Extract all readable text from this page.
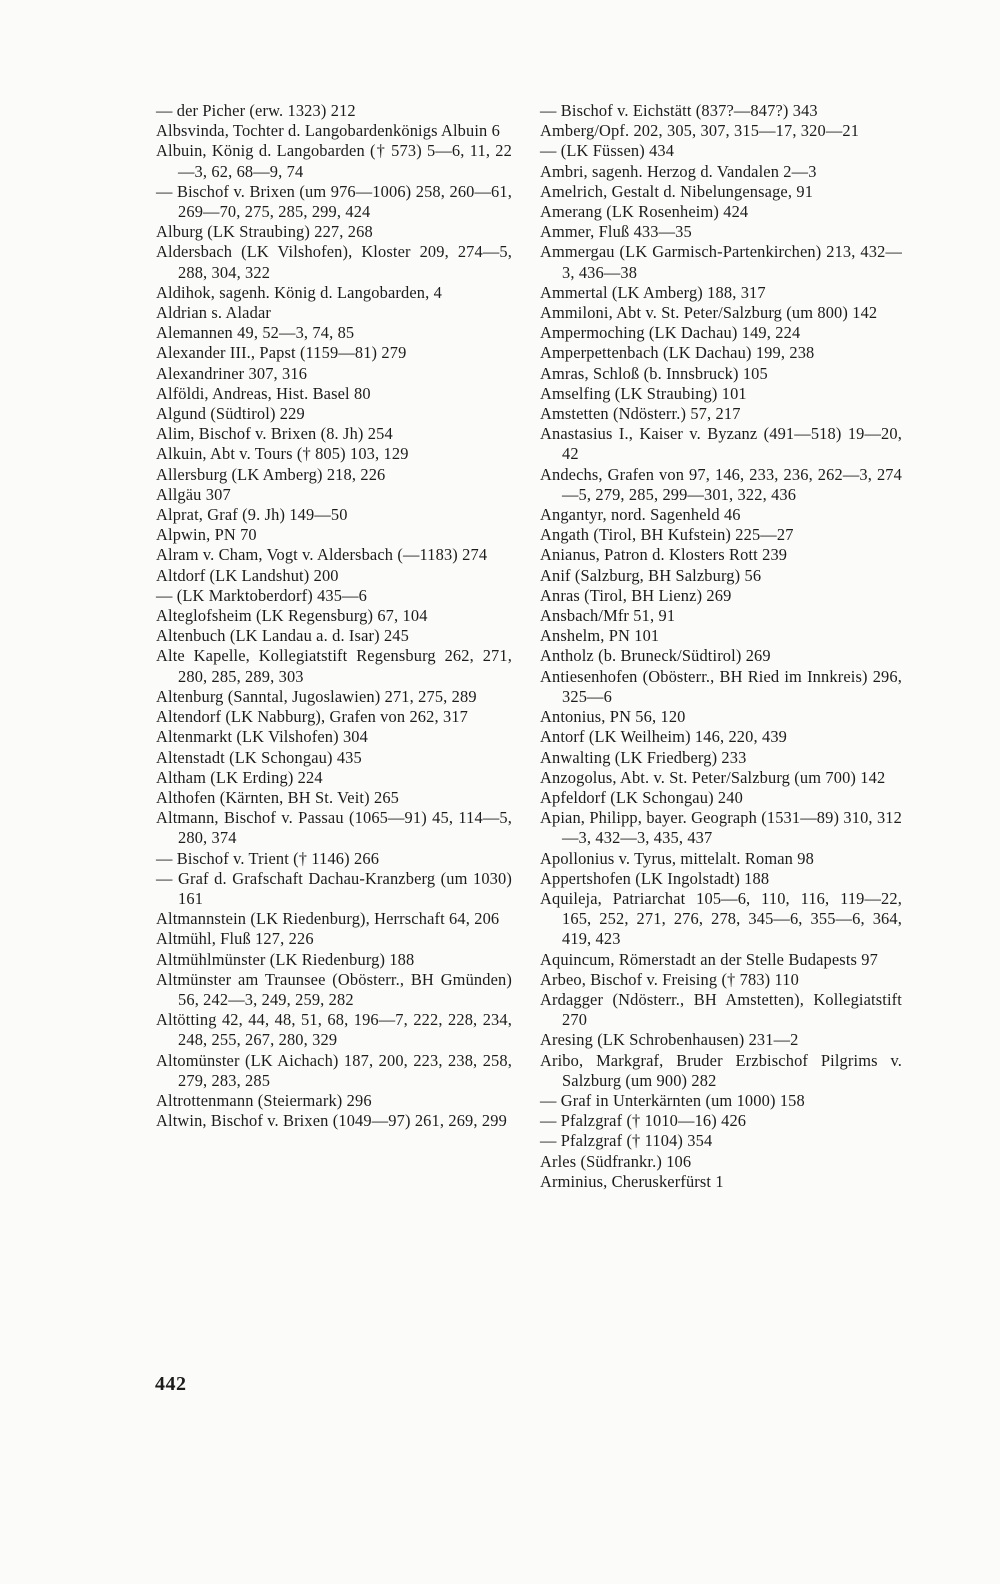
— der Picher (erw. 1323) 212

Albsvinda, Tochter d. Langobardenkönigs Albuin 6

Albuin, König d. Langobarden († 573) 5—6, 11, 22—3, 62, 68—9, 74

— Bischof v. Brixen (um 976—1006) 258, 260—61, 269—70, 275, 285, 299, 424

Alburg (LK Straubing) 227, 268

Aldersbach (LK Vilshofen), Kloster 209, 274—5, 288, 304, 322

Aldihok, sagenh. König d. Langobarden, 4

Aldrian s. Aladar

Alemannen 49, 52—3, 74, 85

Alexander III., Papst (1159—81) 279

Alexandriner 307, 316

Alföldi, Andreas, Hist. Basel 80

Algund (Südtirol) 229

Alim, Bischof v. Brixen (8. Jh) 254

Alkuin, Abt v. Tours († 805) 103, 129

Allersburg (LK Amberg) 218, 226

Allgäu 307

Alprat, Graf (9. Jh) 149—50

Alpwin, PN 70

Alram v. Cham, Vogt v. Aldersbach (—1183) 274

Altdorf (LK Landshut) 200

— (LK Marktoberdorf) 435—6

Alteglofsheim (LK Regensburg) 67, 104

Altenbuch (LK Landau a. d. Isar) 245

Alte Kapelle, Kollegiatstift Regensburg 262, 271, 280, 285, 289, 303

Altenburg (Sanntal, Jugoslawien) 271, 275, 289

Altendorf (LK Nabburg), Grafen von 262, 317

Altenmarkt (LK Vilshofen) 304

Altenstadt (LK Schongau) 435

Altham (LK Erding) 224

Althofen (Kärnten, BH St. Veit) 265

Altmann, Bischof v. Passau (1065—91) 45, 114—5, 280, 374

— Bischof v. Trient († 1146) 266

— Graf d. Grafschaft Dachau-Kranzberg (um 1030) 161

Altmannstein (LK Riedenburg), Herrschaft 64, 206

Altmühl, Fluß 127, 226

Altmühlmünster (LK Riedenburg) 188

Altmünster am Traunsee (Obösterr., BH Gmünden) 56, 242—3, 249, 259, 282

Altötting 42, 44, 48, 51, 68, 196—7, 222, 228, 234, 248, 255, 267, 280, 329

Altomünster (LK Aichach) 187, 200, 223, 238, 258, 279, 283, 285

Altrottenmann (Steiermark) 296

Altwin, Bischof v. Brixen (1049—97) 261, 269, 299

— Bischof v. Eichstätt (837?—847?) 343

Amberg/Opf. 202, 305, 307, 315—17, 320—21

— (LK Füssen) 434

Ambri, sagenh. Herzog d. Vandalen 2—3

Amelrich, Gestalt d. Nibelungensage, 91

Amerang (LK Rosenheim) 424

Ammer, Fluß 433—35

Ammergau (LK Garmisch-Partenkirchen) 213, 432—3, 436—38

Ammertal (LK Amberg) 188, 317

Ammiloni, Abt v. St. Peter/Salzburg (um 800) 142

Ampermoching (LK Dachau) 149, 224

Amperpettenbach (LK Dachau) 199, 238

Amras, Schloß (b. Innsbruck) 105

Amselfing (LK Straubing) 101

Amstetten (Ndösterr.) 57, 217

Anastasius I., Kaiser v. Byzanz (491—518) 19—20, 42

Andechs, Grafen von 97, 146, 233, 236, 262—3, 274—5, 279, 285, 299—301, 322, 436

Angantyr, nord. Sagenheld 46

Angath (Tirol, BH Kufstein) 225—27

Anianus, Patron d. Klosters Rott 239

Anif (Salzburg, BH Salzburg) 56

Anras (Tirol, BH Lienz) 269

Ansbach/Mfr 51, 91

Anshelm, PN 101

Antholz (b. Bruneck/Südtirol) 269

Antiesenhofen (Obösterr., BH Ried im Innkreis) 296, 325—6

Antonius, PN 56, 120

Antorf (LK Weilheim) 146, 220, 439

Anwalting (LK Friedberg) 233

Anzogolus, Abt. v. St. Peter/Salzburg (um 700) 142

Apfeldorf (LK Schongau) 240

Apian, Philipp, bayer. Geograph (1531—89) 310, 312—3, 432—3, 435, 437

Apollonius v. Tyrus, mittelalt. Roman 98

Appertshofen (LK Ingolstadt) 188

Aquileja, Patriarchat 105—6, 110, 116, 119—22, 165, 252, 271, 276, 278, 345—6, 355—6, 364, 419, 423

Aquincum, Römerstadt an der Stelle Budapests 97

Arbeo, Bischof v. Freising († 783) 110

Ardagger (Ndösterr., BH Amstetten), Kollegiatstift 270

Aresing (LK Schrobenhausen) 231—2

Aribo, Markgraf, Bruder Erzbischof Pilgrims v. Salzburg (um 900) 282

— Graf in Unterkärnten (um 1000) 158

— Pfalzgraf († 1010—16) 426

— Pfalzgraf († 1104) 354

Arles (Südfrankr.) 106

Arminius, Cheruskerfürst 1

442
